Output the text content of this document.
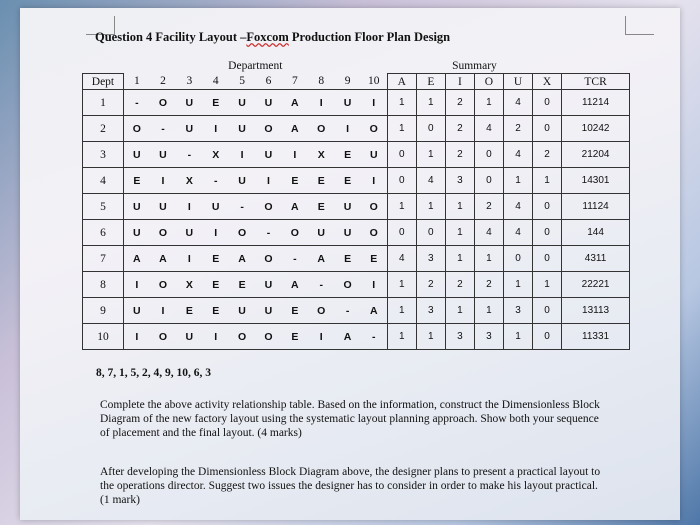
Question 4 Facility Layout –Foxcom Production Floor Plan Design
	Department										Summary						
Dept	1	2	3	4	5	6	7	8	9	10	A	E	I	O	U	X	TCR
1	-	O	U	E	U	U	A	I	U	I	1	1	2	1	4	0	11214
2	O	-	U	I	U	O	A	O	I	O	1	0	2	4	2	0	10242
3	U	U	-	X	I	U	I	X	E	U	0	1	2	0	4	2	21204
4	E	I	X	-	U	I	E	E	E	I	0	4	3	0	1	1	14301
5	U	U	I	U	-	O	A	E	U	O	1	1	1	2	4	0	11124
6	U	O	U	I	O	-	O	U	U	O	0	0	1	4	4	0	144
7	A	A	I	E	A	O	-	A	E	E	4	3	1	1	0	0	4311
8	I	O	X	E	E	U	A	-	O	I	1	2	2	2	1	1	22221
9	U	I	E	E	U	U	E	O	-	A	1	3	1	1	3	0	13113
10	I	O	U	I	O	O	E	I	A	-	1	1	3	3	1	0	11331
8, 7, 1, 5, 2, 4, 9, 10, 6, 3
Complete the above activity relationship table. Based on the information, construct the Dimensionless Block Diagram of the new factory layout using the systematic layout planning approach. Show both your sequence of placement and the final layout. (4 marks)
After developing the Dimensionless Block Diagram above, the designer plans to present a practical layout to the operations director. Suggest two issues the designer has to consider in order to make his layout practical. (1 mark)
